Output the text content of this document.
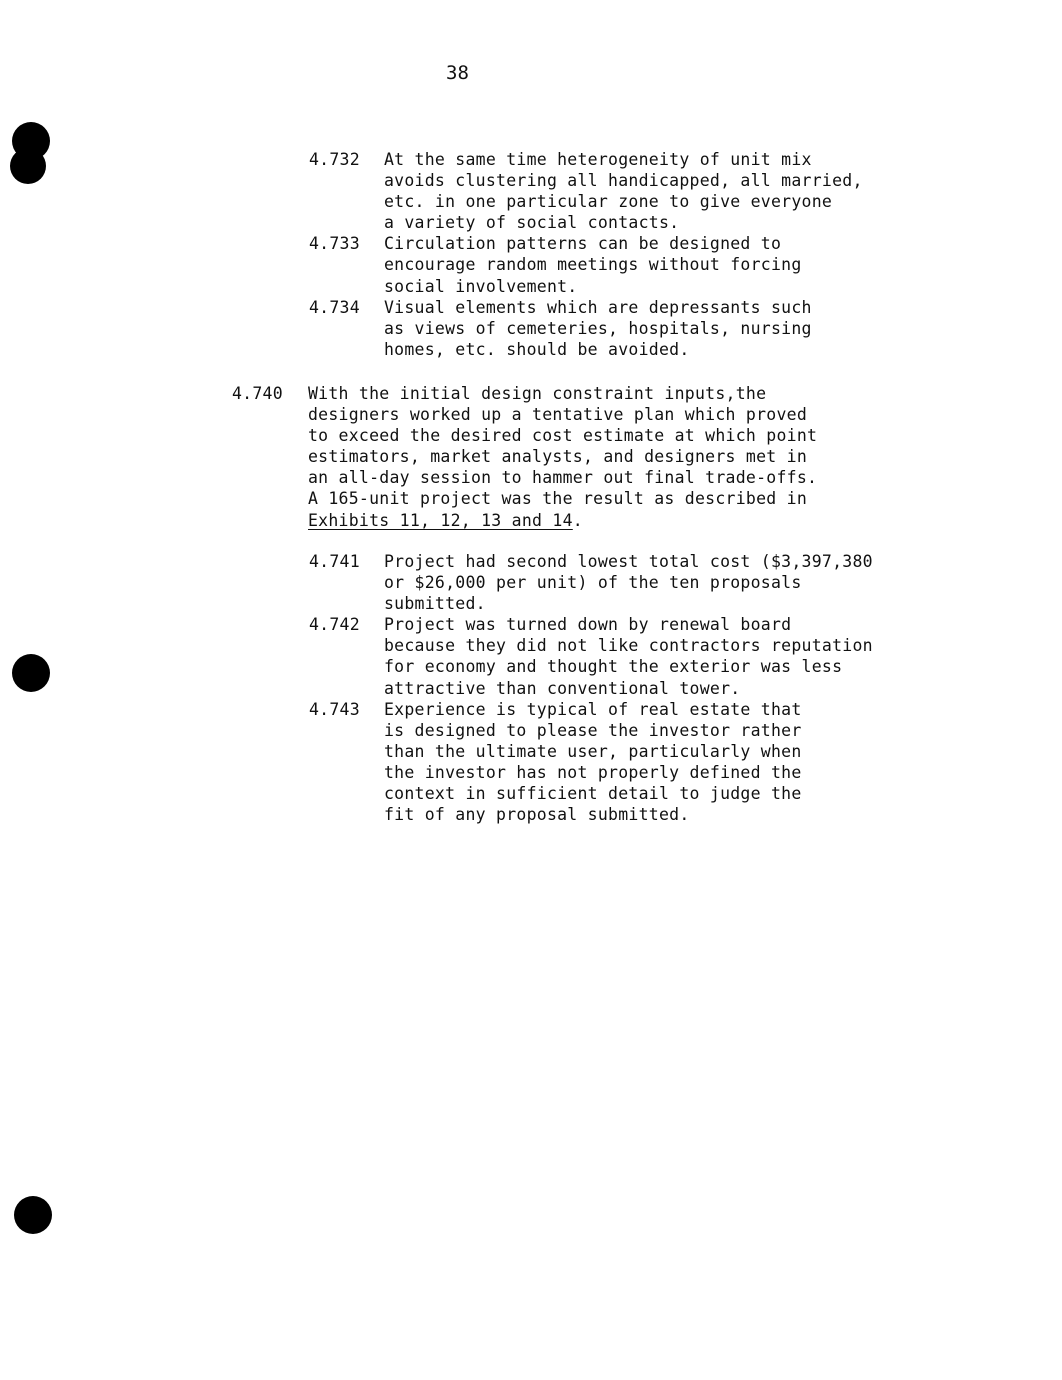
38
4.732	At the same time heterogeneity of unit mix
avoids clustering all handicapped, all married,
etc. in one particular zone to give everyone
a variety of social contacts.
4.733	Circulation patterns can be designed to
encourage random meetings without forcing
social involvement.
4.734	Visual elements which are depressants such
as views of cemeteries, hospitals, nursing
homes, etc. should be avoided.
4.740	With the initial design constraint inputs,the
designers worked up a tentative plan which proved
to exceed the desired cost estimate at which point
estimators, market analysts, and designers met in
an all-day session to hammer out final trade-offs.
A 165-unit project was the result as described in
Exhibits 11, 12, 13 and 14.
4.741	Project had second lowest total cost ($3,397,380
or $26,000 per unit) of the ten proposals
submitted.
4.742	Project was turned down by renewal board
because they did not like contractors reputation
for economy and thought the exterior was less
attractive than conventional tower.
4.743	Experience is typical of real estate that
is designed to please the investor rather
than the ultimate user, particularly when
the investor has not properly defined the
context in sufficient detail to judge the
fit of any proposal submitted.
